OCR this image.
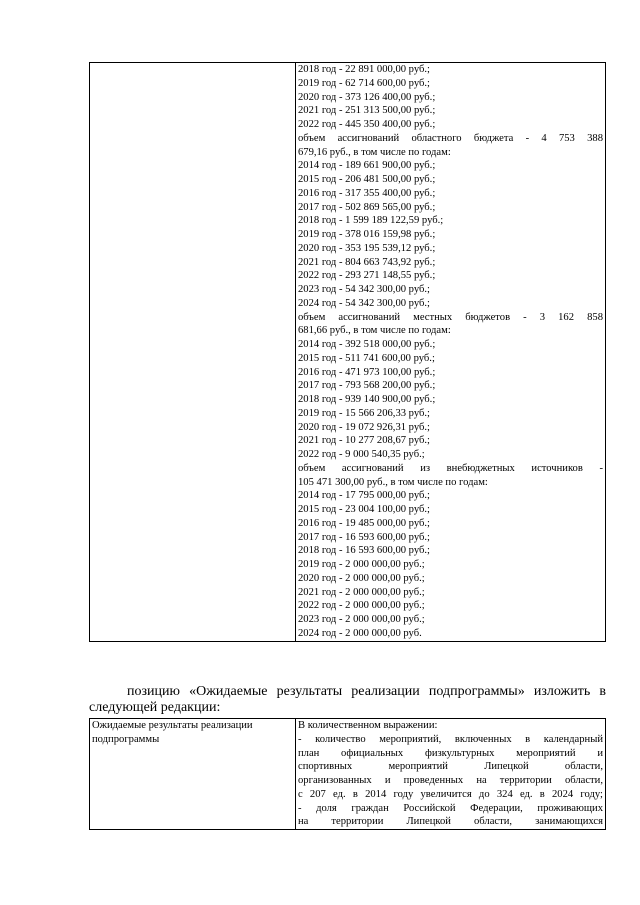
2018 год - 22 891 000,00 руб.;
2019 год - 62 714 600,00 руб.;
2020 год - 373 126 400,00 руб.;
2021 год - 251 313 500,00 руб.;
2022 год - 445 350 400,00 руб.;
объем ассигнований областного бюджета - 4 753 388
679,16 руб., в том числе по годам:
2014 год - 189 661 900,00 руб.;
2015 год - 206 481 500,00 руб.;
2016 год - 317 355 400,00 руб.;
2017 год - 502 869 565,00 руб.;
2018 год - 1 599 189 122,59 руб.;
2019 год - 378 016 159,98 руб.;
2020 год - 353 195 539,12 руб.;
2021 год - 804 663 743,92 руб.;
2022 год - 293 271 148,55 руб.;
2023 год - 54 342 300,00 руб.;
2024 год - 54 342 300,00 руб.;
объем ассигнований местных бюджетов - 3 162 858
681,66 руб., в том числе по годам:
2014 год - 392 518 000,00 руб.;
2015 год - 511 741 600,00 руб.;
2016 год - 471 973 100,00 руб.;
2017 год - 793 568 200,00 руб.;
2018 год - 939 140 900,00 руб.;
2019 год - 15 566 206,33 руб.;
2020 год - 19 072 926,31 руб.;
2021 год - 10 277 208,67 руб.;
2022 год - 9 000 540,35 руб.;
объем ассигнований из внебюджетных источников -
105 471 300,00 руб., в том числе по годам:
2014 год - 17 795 000,00 руб.;
2015 год - 23 004 100,00 руб.;
2016 год - 19 485 000,00 руб.;
2017 год - 16 593 600,00 руб.;
2018 год - 16 593 600,00 руб.;
2019 год - 2 000 000,00 руб.;
2020 год - 2 000 000,00 руб.;
2021 год - 2 000 000,00 руб.;
2022 год - 2 000 000,00 руб.;
2023 год - 2 000 000,00 руб.;
2024 год - 2 000 000,00 руб.
позицию «Ожидаемые результаты реализации подпрограммы» изложить в следующей редакции:
Ожидаемые результаты реализации
подпрограммы

В количественном выражении:
- количество мероприятий, включенных в календарный
план официальных физкультурных мероприятий и
спортивных мероприятий Липецкой области,
организованных и проведенных на территории области,
с 207 ед. в 2014 году увеличится до 324 ед. в 2024 году;
- доля граждан Российской Федерации, проживающих
на территории Липецкой области, занимающихся
